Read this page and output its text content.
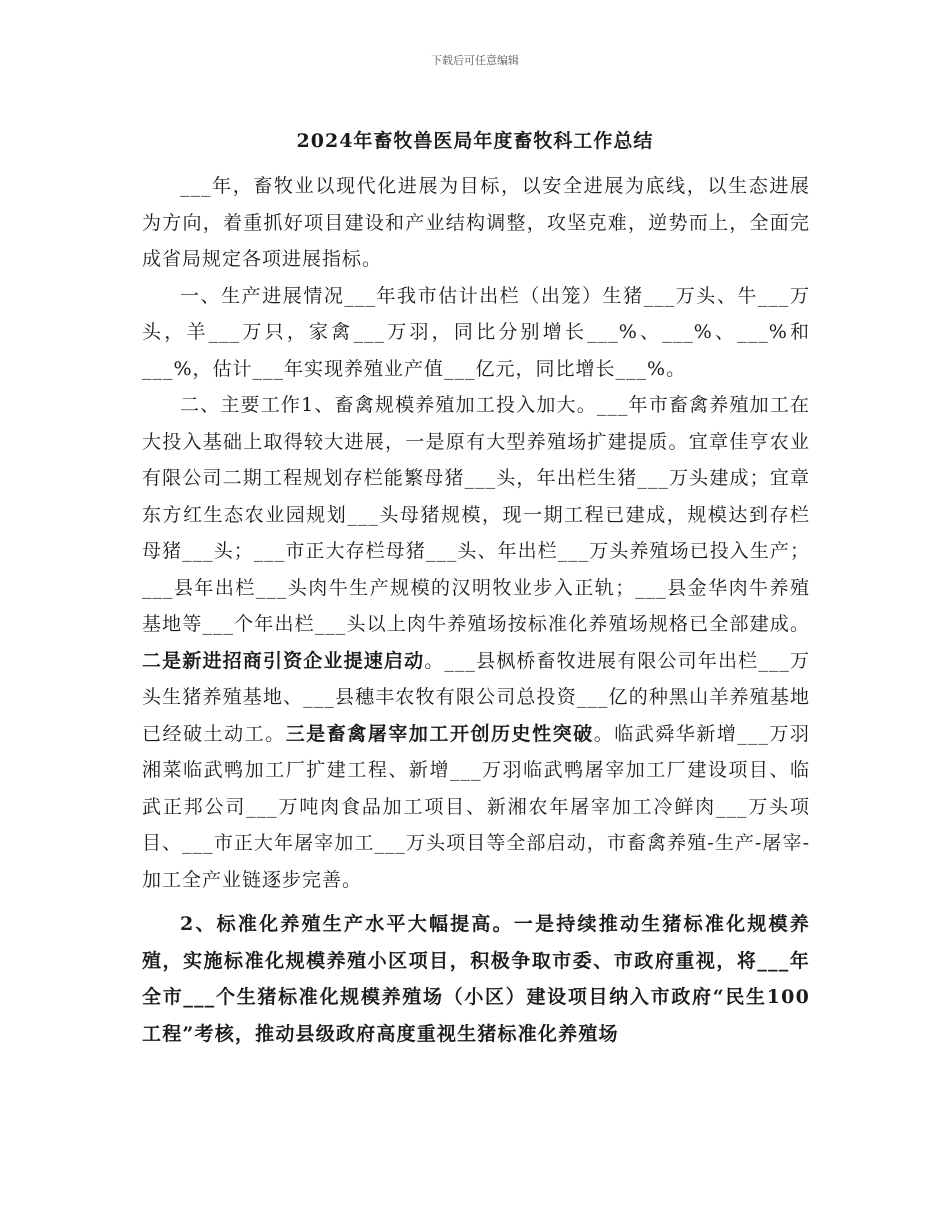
下载后可任意编辑
2024年畜牧兽医局年度畜牧科工作总结

___年，畜牧业以现代化进展为目标，以安全进展为底线，以生态进展为方向，着重抓好项目建设和产业结构调整，攻坚克难，逆势而上，全面完成省局规定各项进展指标。

一、生产进展情况___年我市估计出栏（出笼）生猪___万头、牛___万头，羊___万只，家禽___万羽，同比分别增长___%、___%、___%和___%，估计___年实现养殖业产值___亿元，同比增长___%。

二、主要工作1、畜禽规模养殖加工投入加大。___年市畜禽养殖加工在大投入基础上取得较大进展，一是原有大型养殖场扩建提质。宜章佳亨农业有限公司二期工程规划存栏能繁母猪___头，年出栏生猪___万头建成；宜章东方红生态农业园规划___头母猪规模，现一期工程已建成，规模达到存栏母猪___头；___市正大存栏母猪___头、年出栏___万头养殖场已投入生产；___县年出栏___头肉牛生产规模的汉明牧业步入正轨；___县金华肉牛养殖基地等___个年出栏___头以上肉牛养殖场按标准化养殖场规格已全部建成。二是新进招商引资企业提速启动。___县枫桥畜牧进展有限公司年出栏___万头生猪养殖基地、___县穗丰农牧有限公司总投资___亿的种黑山羊养殖基地已经破土动工。三是畜禽屠宰加工开创历史性突破。临武舜华新增___万羽湘菜临武鸭加工厂扩建工程、新增___万羽临武鸭屠宰加工厂建设项目、临武正邦公司___万吨肉食品加工项目、新湘农年屠宰加工冷鲜肉___万头项目、___市正大年屠宰加工___万头项目等全部启动，市畜禽养殖-生产-屠宰-加工全产业链逐步完善。

2、标准化养殖生产水平大幅提高。一是持续推动生猪标准化规模养殖，实施标准化规模养殖小区项目，积极争取市委、市政府重视，将___年全市___个生猪标准化规模养殖场（小区）建设项目纳入市政府“民生100工程”考核，推动县级政府高度重视生猪标准化养殖场
